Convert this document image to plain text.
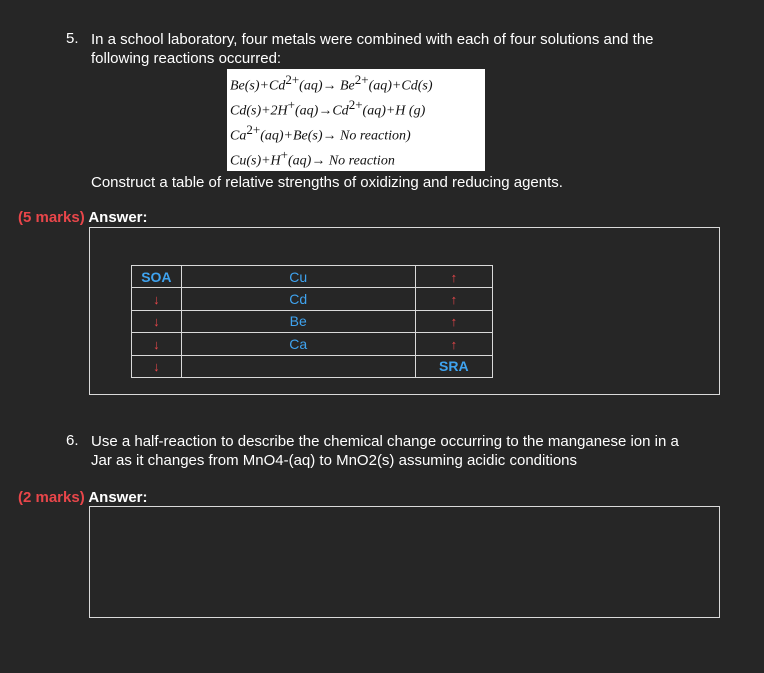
5. In a school laboratory, four metals were combined with each of four solutions and the
following reactions occurred:
$Be(s)+Cd^{2+}(aq)\to Be^{2+}(aq)+Cd(s)$
$Cd(s)+2H^+(aq)\to Cd^{2+}(aq)+H$ (g)
$Ca^{2+}(aq)+Be(s)\to No$ reaction)
Cu(s)+H+(aq)→ No reaction
Construct a table of relative strengths of oxidizing and reducing agents.
(5 marks) Answer:
SOA	Cu	↑
↓	Cd	↑
↓	Be	↑
↓	Ca	↑
↓		SRA
6. Use a half-reaction to describe the chemical change occurring to the manganese ion in a
Jar as it changes from MnO4-(aq) to MnO2(s) assuming acidic conditions
(2 marks) Answer:
